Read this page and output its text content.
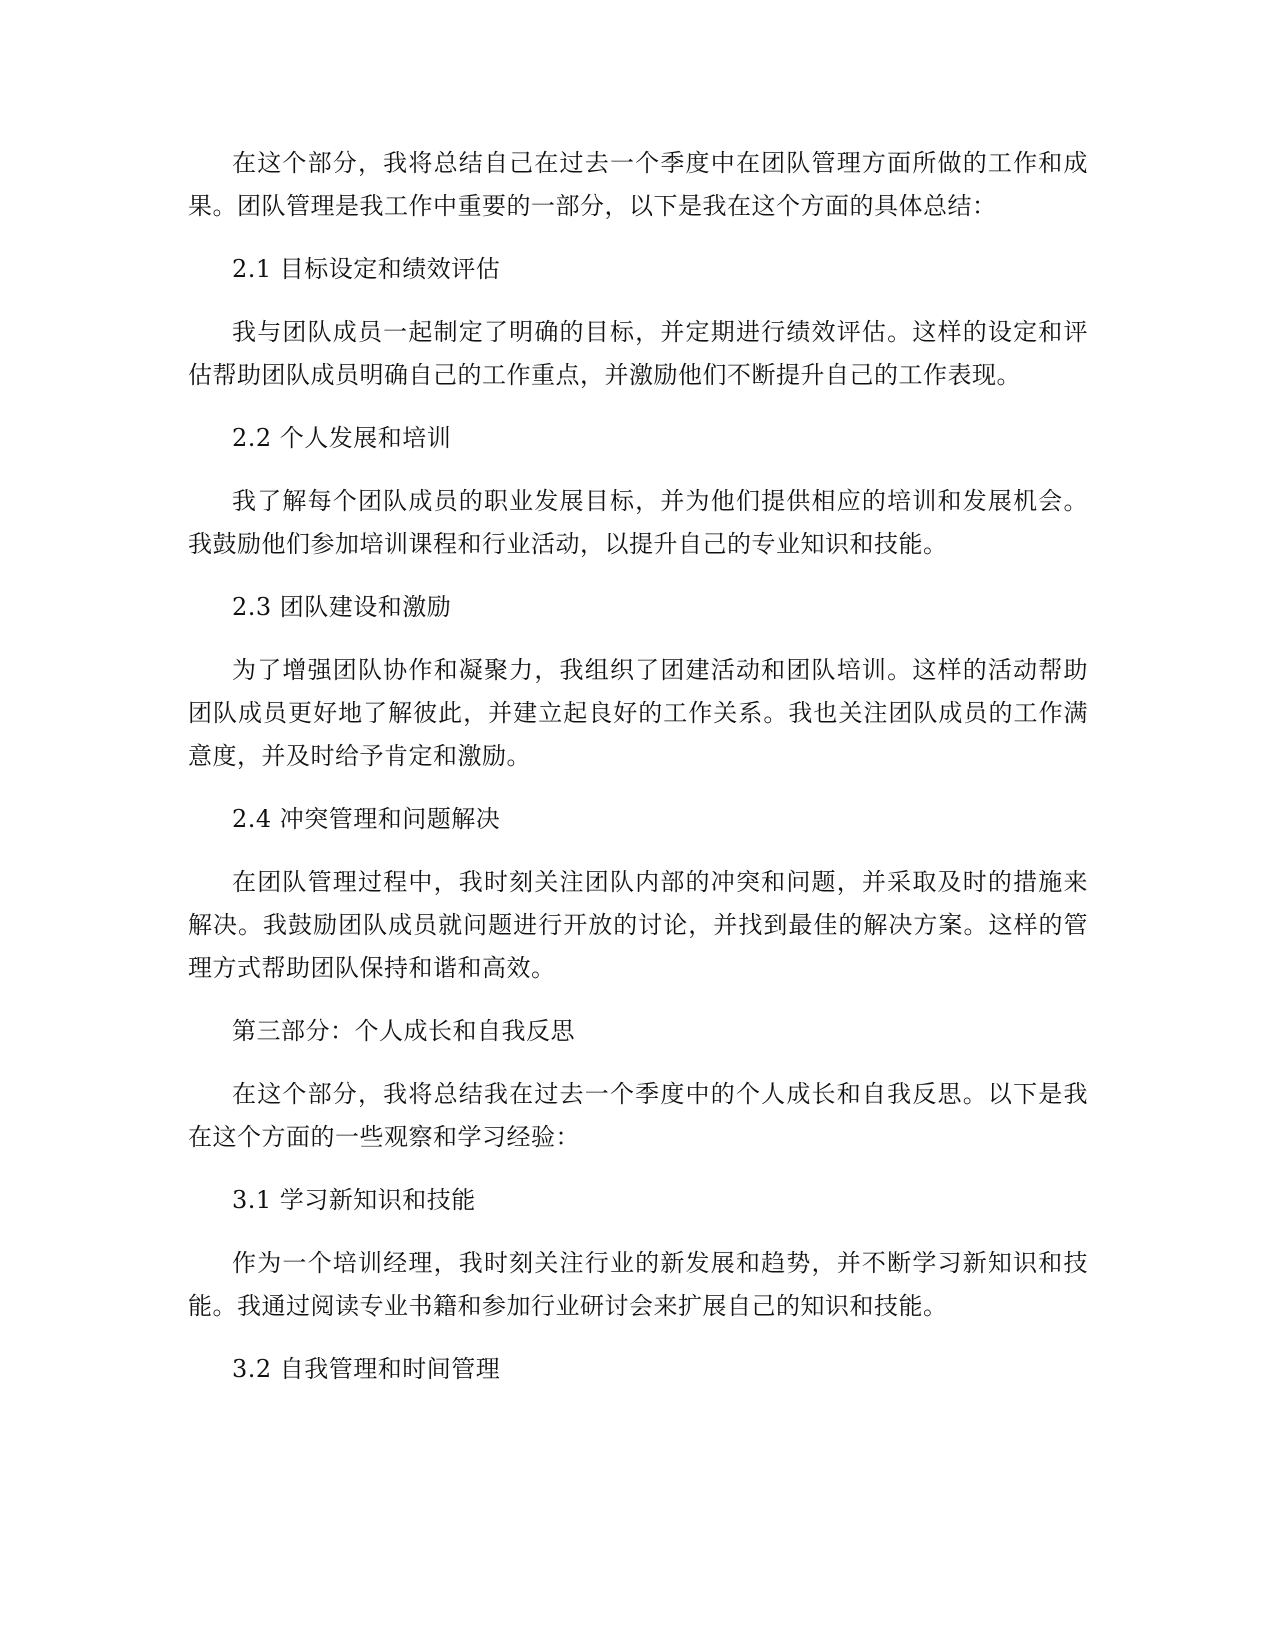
在这个部分，我将总结自己在过去一个季度中在团队管理方面所做的工作和成果。团队管理是我工作中重要的一部分，以下是我在这个方面的具体总结：

2.1 目标设定和绩效评估

我与团队成员一起制定了明确的目标，并定期进行绩效评估。这样的设定和评估帮助团队成员明确自己的工作重点，并激励他们不断提升自己的工作表现。

2.2 个人发展和培训

我了解每个团队成员的职业发展目标，并为他们提供相应的培训和发展机会。我鼓励他们参加培训课程和行业活动，以提升自己的专业知识和技能。

2.3 团队建设和激励

为了增强团队协作和凝聚力，我组织了团建活动和团队培训。这样的活动帮助团队成员更好地了解彼此，并建立起良好的工作关系。我也关注团队成员的工作满意度，并及时给予肯定和激励。

2.4 冲突管理和问题解决

在团队管理过程中，我时刻关注团队内部的冲突和问题，并采取及时的措施来解决。我鼓励团队成员就问题进行开放的讨论，并找到最佳的解决方案。这样的管理方式帮助团队保持和谐和高效。

第三部分：个人成长和自我反思

在这个部分，我将总结我在过去一个季度中的个人成长和自我反思。以下是我在这个方面的一些观察和学习经验：

3.1 学习新知识和技能

作为一个培训经理，我时刻关注行业的新发展和趋势，并不断学习新知识和技能。我通过阅读专业书籍和参加行业研讨会来扩展自己的知识和技能。

3.2 自我管理和时间管理
